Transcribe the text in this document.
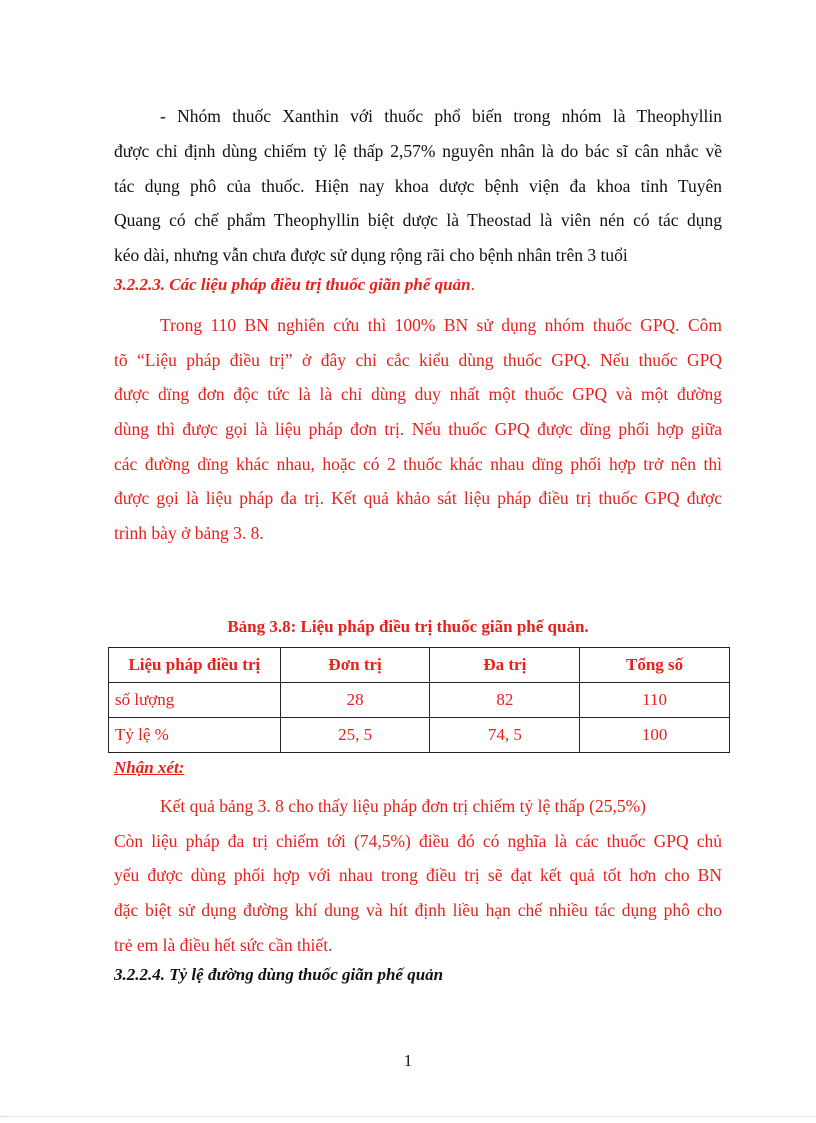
- Nhóm thuốc Xanthin với thuốc phổ biến trong nhóm là Theophyllin

được chỉ định dùng chiếm tỷ lệ thấp 2,57% nguyên nhân là do bác sĩ cân nhắc về

tác dụng phô của thuốc. Hiện nay khoa dược bệnh viện đa khoa tỉnh Tuyên

Quang có chế phẩm Theophyllin biệt dược là Theostad là viên nén có tác dụng

kéo dài, nhưng vẫn chưa được sử dụng rộng rãi cho bệnh nhân trên 3 tuổi

3.2.2.3. Các liệu pháp điều trị thuốc giãn phế quản.

Trong 110 BN nghiên cứu thì 100% BN sử dụng nhóm thuốc GPQ. Côm

tõ “Liệu pháp điều trị” ở đây chỉ cắc kiểu dùng thuốc GPQ. Nếu thuốc GPQ

được dïng đơn độc tức là là chỉ dùng duy nhất một thuốc GPQ và một đường

dùng thì được gọi là liệu pháp đơn trị. Nếu thuốc GPQ được dïng phối hợp giữa

các đường dïng khác nhau, hoặc có 2 thuốc khác nhau dïng phối hợp trở nên thì

được gọi là liệu pháp đa trị. Kết quả khảo sát liệu pháp điều trị thuốc GPQ được

trình bày ở bảng 3. 8.

Bảng 3.8: Liệu pháp điều trị thuốc giãn phế quản.

Liệu pháp điều trị	Đơn trị	Đa trị	Tổng số
số lượng	28	82	110
Tỷ lệ %	25, 5	74, 5	100

Nhận xét:

Kết quả bảng 3. 8 cho thấy liệu pháp đơn trị chiếm tỷ lệ thấp (25,5%)

Còn liệu pháp đa trị chiếm tới (74,5%) điều đó có nghĩa là các thuốc GPQ chủ

yếu được dùng phối hợp với nhau trong điều trị sẽ đạt kết quả tốt hơn cho BN

đặc biệt sử dụng đường khí dung và hít định liều hạn chế nhiều tác dụng phô cho

trẻ em là điều hết sức cần thiết.

3.2.2.4. Tỷ lệ đường dùng thuốc giãn phế quản

1
